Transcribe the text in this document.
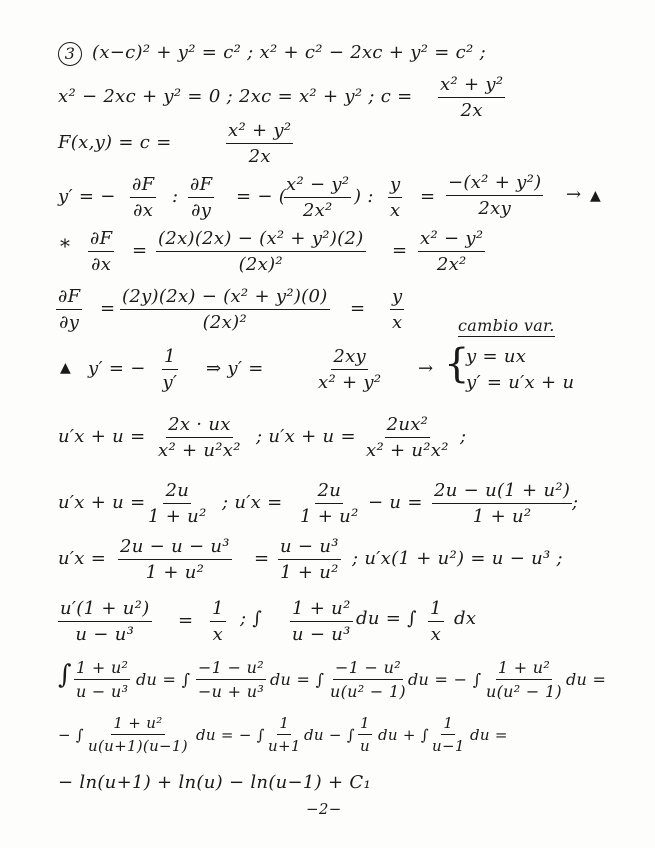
3 (x−c)² + y² = c² ; x² + c² − 2xc + y² = c² ;
x² − 2xc + y² = 0 ; 2xc = x² + y² ; $c = \frac{\text{x² + y²}}{2x}$
F(x,y) = c =	$\frac{\text{x² + y²}}{2x}$
y′ = − $\frac{\partial F}{\partial x}$ : $\frac{\partial F}{\partial y}$ = − (
$\frac{\text{x² − y²}}{\text{2x²}}$ ) : $\frac{y}{x} = \frac{\text{−(x² + y²)}}{2xy}$ → ▲
* $\frac{\partial F}{\partial x} = \frac{\text{(2x)(2x) − (x² + y²)(2)}}{\text{(2x)²}} = \frac{\text{x² − y²}}{\text{2x²}}$
$\frac{\partial F}{\partial y} = \frac{\text{(2y)(2x) − (x² + y²)(0)}}{\text{(2x)²}} = \frac{y}{x}$	cambio var.
▲ y′ = − $\frac{1}{y'}$ ⇒ y′ =	$\frac{2xy}{\text{x² + y²}}$ → {
y = ux
y′ = u′x + u
$u'x + u = \frac{2x \cdot ux}{\text{x² + u²x²}}$ ; $u'x + u = \frac{\text{2ux²}}{\text{x² + u²x²}}$ ;
$u'x + u = \frac{2u}{\text{1 + u²}}$ ; $u'x = \frac{2u}{\text{1 + u²}} - u = \frac{\text{2u − u(1 + u²)}}{\text{1 + u²}}$ ;
$u'x = \frac{\text{2u − u − u³}}{\text{1 + u²}} = \frac{\text{u − u³}}{\text{1 + u²}}$ ; u′x(1 + u²) = u − u³ ;
$\frac{\text{u′(1 + u²)}}{\text{u − u³}} = \frac{1}{x}$ ; ∫ $\frac{\text{1 + u²}}{\text{u − u³}}$ du = ∫ $\frac{1}{x}$ dx
∫ $\frac{\text{1 + u²}}{\text{u − u³}}$ du = ∫ $\frac{\text{−1 − u²}}{\text{−u + u³}}$ du = ∫ $\frac{\text{−1 − u²}}{\text{u(u² − 1)}}$ du = − ∫ $\frac{\text{1 + u²}}{\text{u(u² − 1)}}$ du =
− ∫ $\frac{\text{1 + u²}}{u(u+1)(u-1)}$ du = − ∫ $\frac{1}{u+1}$ du − ∫ $\frac{1}{u}$ du + ∫ $\frac{1}{u-1}$ du =
− ln(u+1) + ln(u) − ln(u−1) + C₁
−2−
